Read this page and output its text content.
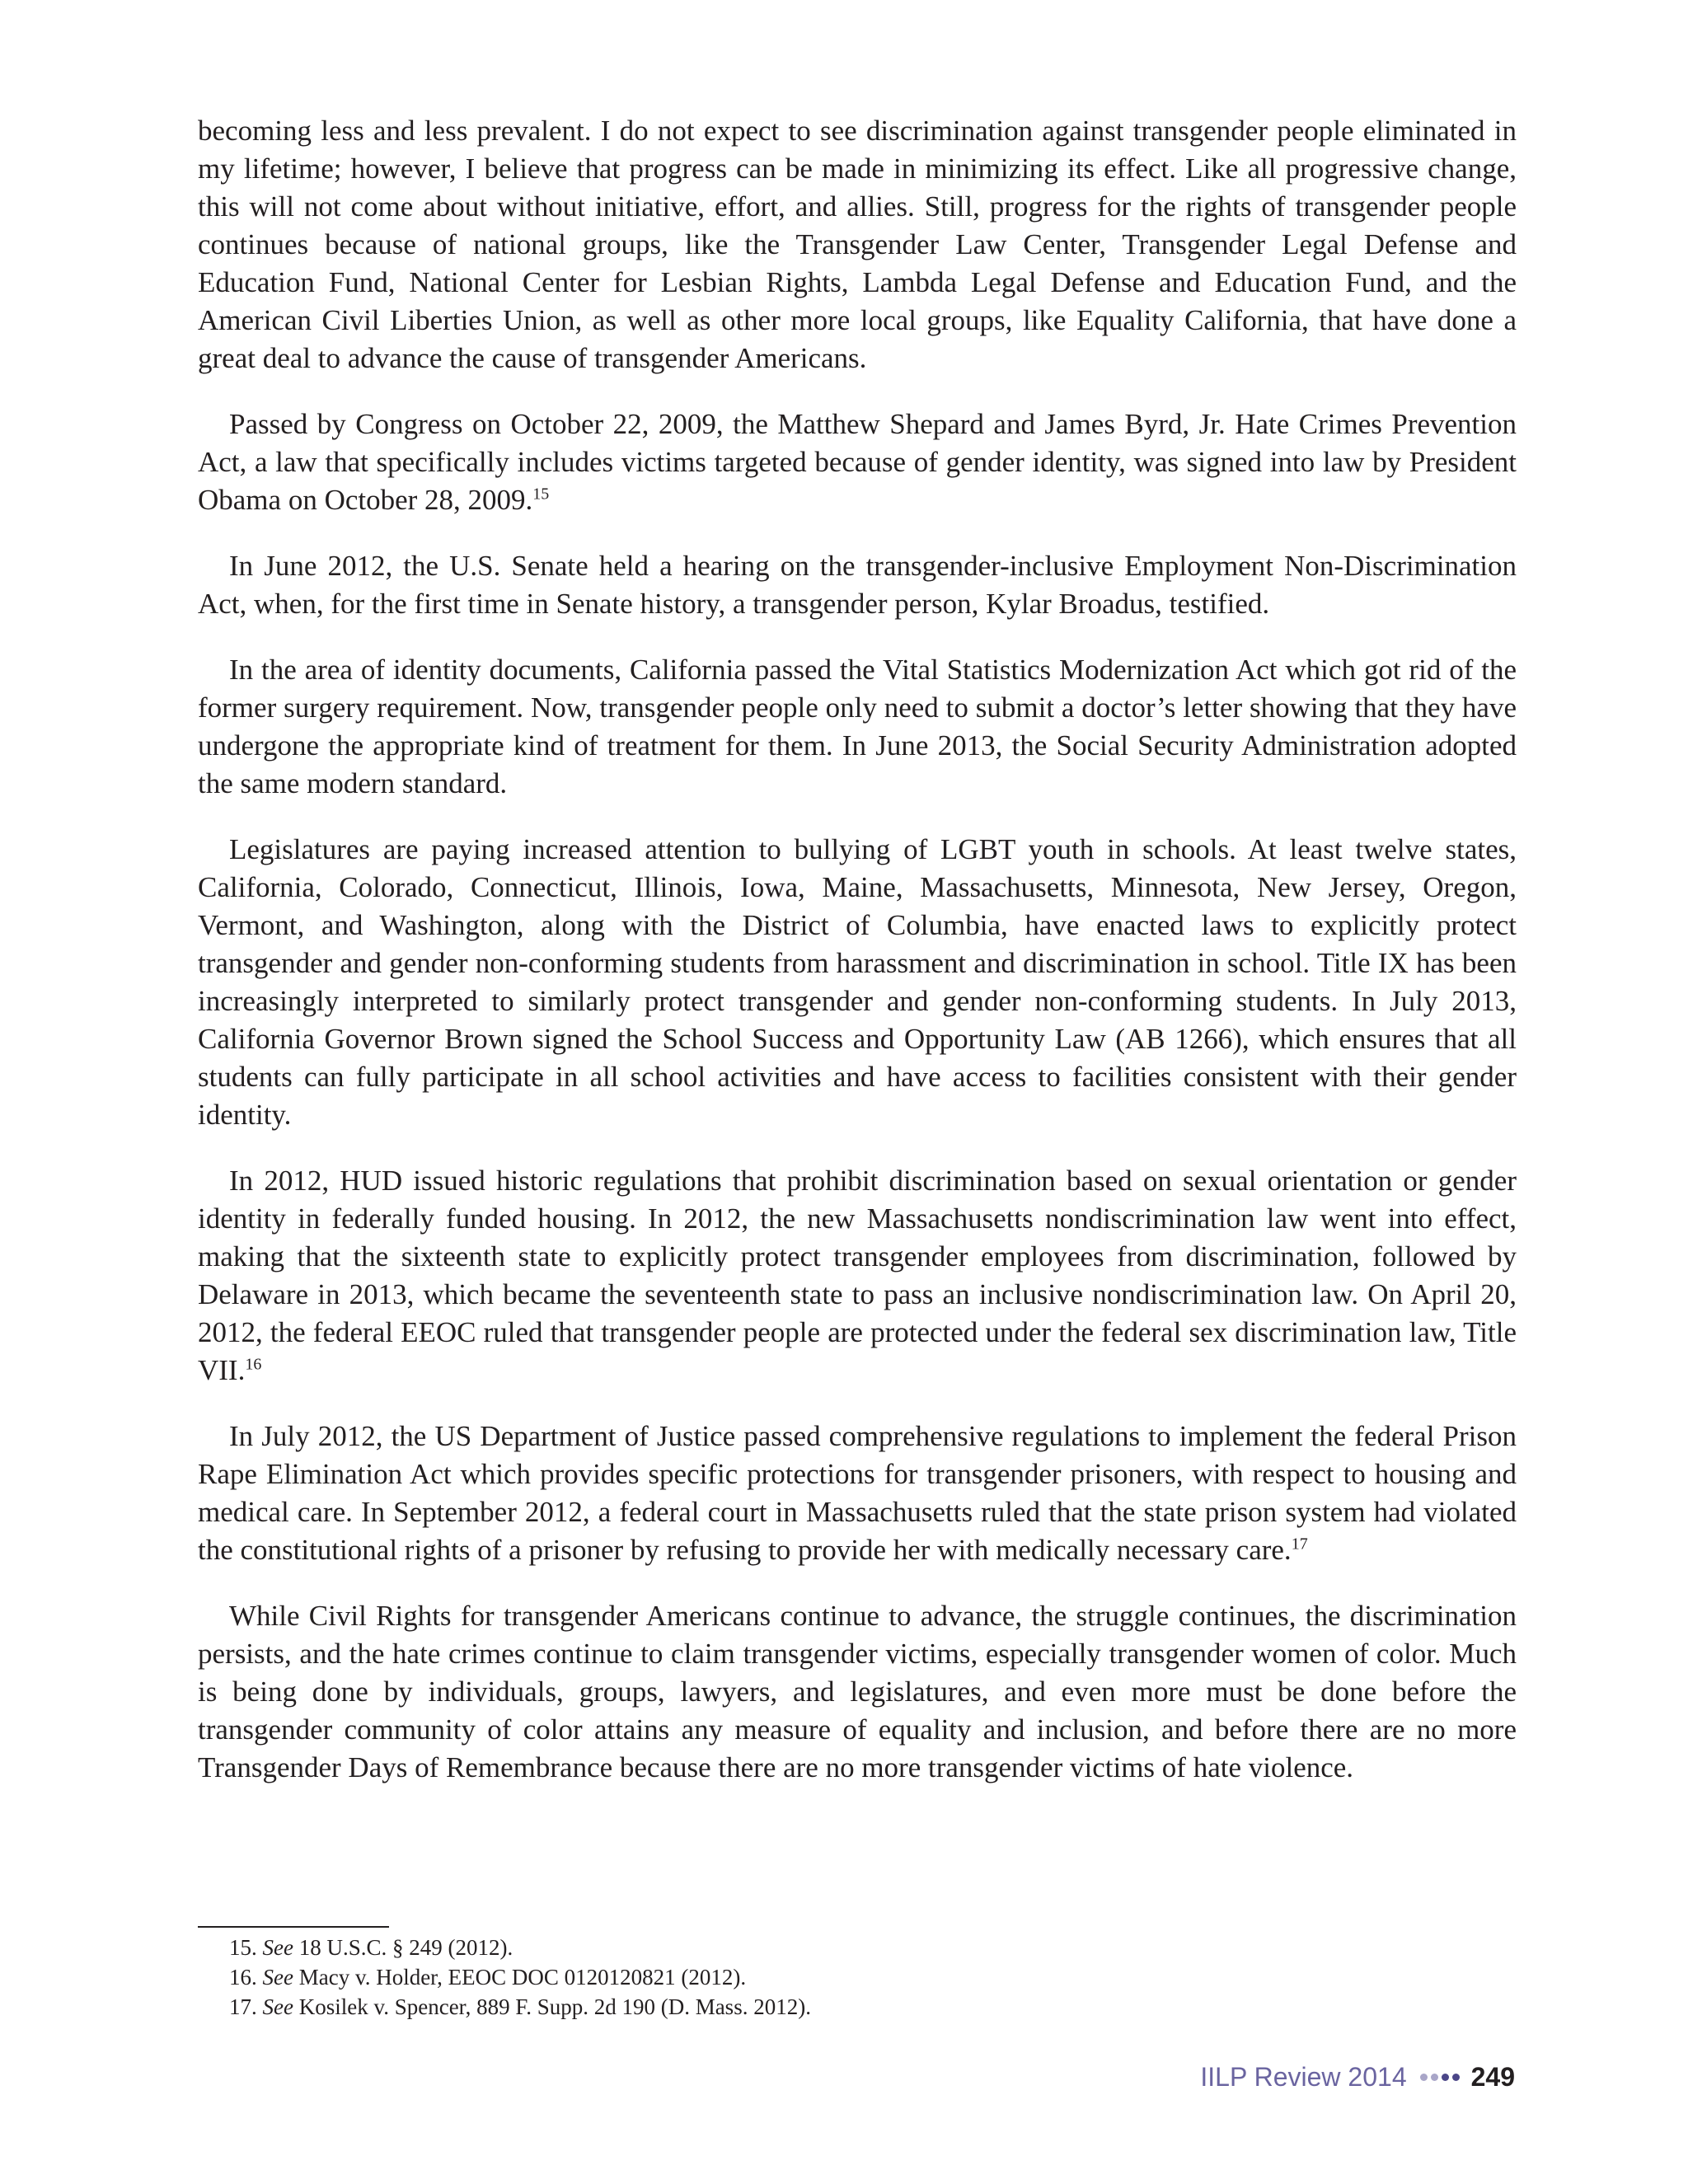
becoming less and less prevalent. I do not expect to see discrimination against transgender people eliminated in my lifetime; however, I believe that progress can be made in minimizing its effect. Like all progressive change, this will not come about without initiative, effort, and allies. Still, progress for the rights of transgender people continues because of national groups, like the Transgender Law Center, Transgender Legal Defense and Education Fund, National Center for Lesbian Rights, Lambda Legal Defense and Education Fund, and the American Civil Liberties Union, as well as other more local groups, like Equality California, that have done a great deal to advance the cause of transgender Americans.

Passed by Congress on October 22, 2009, the Matthew Shepard and James Byrd, Jr. Hate Crimes Prevention Act, a law that specifically includes victims targeted because of gender identity, was signed into law by President Obama on October 28, 2009.15

In June 2012, the U.S. Senate held a hearing on the transgender-inclusive Employment Non-Discrimination Act, when, for the first time in Senate history, a transgender person, Kylar Broadus, testified.

In the area of identity documents, California passed the Vital Statistics Modernization Act which got rid of the former surgery requirement. Now, transgender people only need to submit a doctor’s letter showing that they have undergone the appropriate kind of treatment for them. In June 2013, the Social Security Administration adopted the same modern standard.

Legislatures are paying increased attention to bullying of LGBT youth in schools. At least twelve states, California, Colorado, Connecticut, Illinois, Iowa, Maine, Massachusetts, Minnesota, New Jersey, Oregon, Vermont, and Washington, along with the District of Columbia, have enacted laws to explicitly protect transgender and gender non-conforming students from harassment and discrimination in school. Title IX has been increasingly interpreted to similarly protect transgender and gender non-conforming students. In July 2013, California Governor Brown signed the School Success and Opportunity Law (AB 1266), which ensures that all students can fully participate in all school activities and have access to facilities consistent with their gender identity.

In 2012, HUD issued historic regulations that prohibit discrimination based on sexual orientation or gender identity in federally funded housing. In 2012, the new Massachusetts nondiscrimination law went into effect, making that the sixteenth state to explicitly protect transgender employees from discrimination, followed by Delaware in 2013, which became the seventeenth state to pass an inclusive nondiscrimination law. On April 20, 2012, the federal EEOC ruled that transgender people are protected under the federal sex discrimination law, Title VII.$^{16}$

In July 2012, the US Department of Justice passed comprehensive regulations to implement the federal Prison Rape Elimination Act which provides specific protections for transgender prisoners, with respect to housing and medical care. In September 2012, a federal court in Massachusetts ruled that the state prison system had violated the constitutional rights of a prisoner by refusing to provide her with medically necessary care.$^{17}$

While Civil Rights for transgender Americans continue to advance, the struggle continues, the discrimination persists, and the hate crimes continue to claim transgender victims, especially transgender women of color. Much is being done by individuals, groups, lawyers, and legislatures, and even more must be done before the transgender community of color attains any measure of equality and inclusion, and before there are no more Transgender Days of Remembrance because there are no more transgender victims of hate violence.

15. See 18 U.S.C. § 249 (2012).

16. See Macy v. Holder, EEOC DOC 0120120821 (2012).

17. See Kosilek v. Spencer, 889 F. Supp. 2d 190 (D. Mass. 2012).

IILP Review 2014 249
